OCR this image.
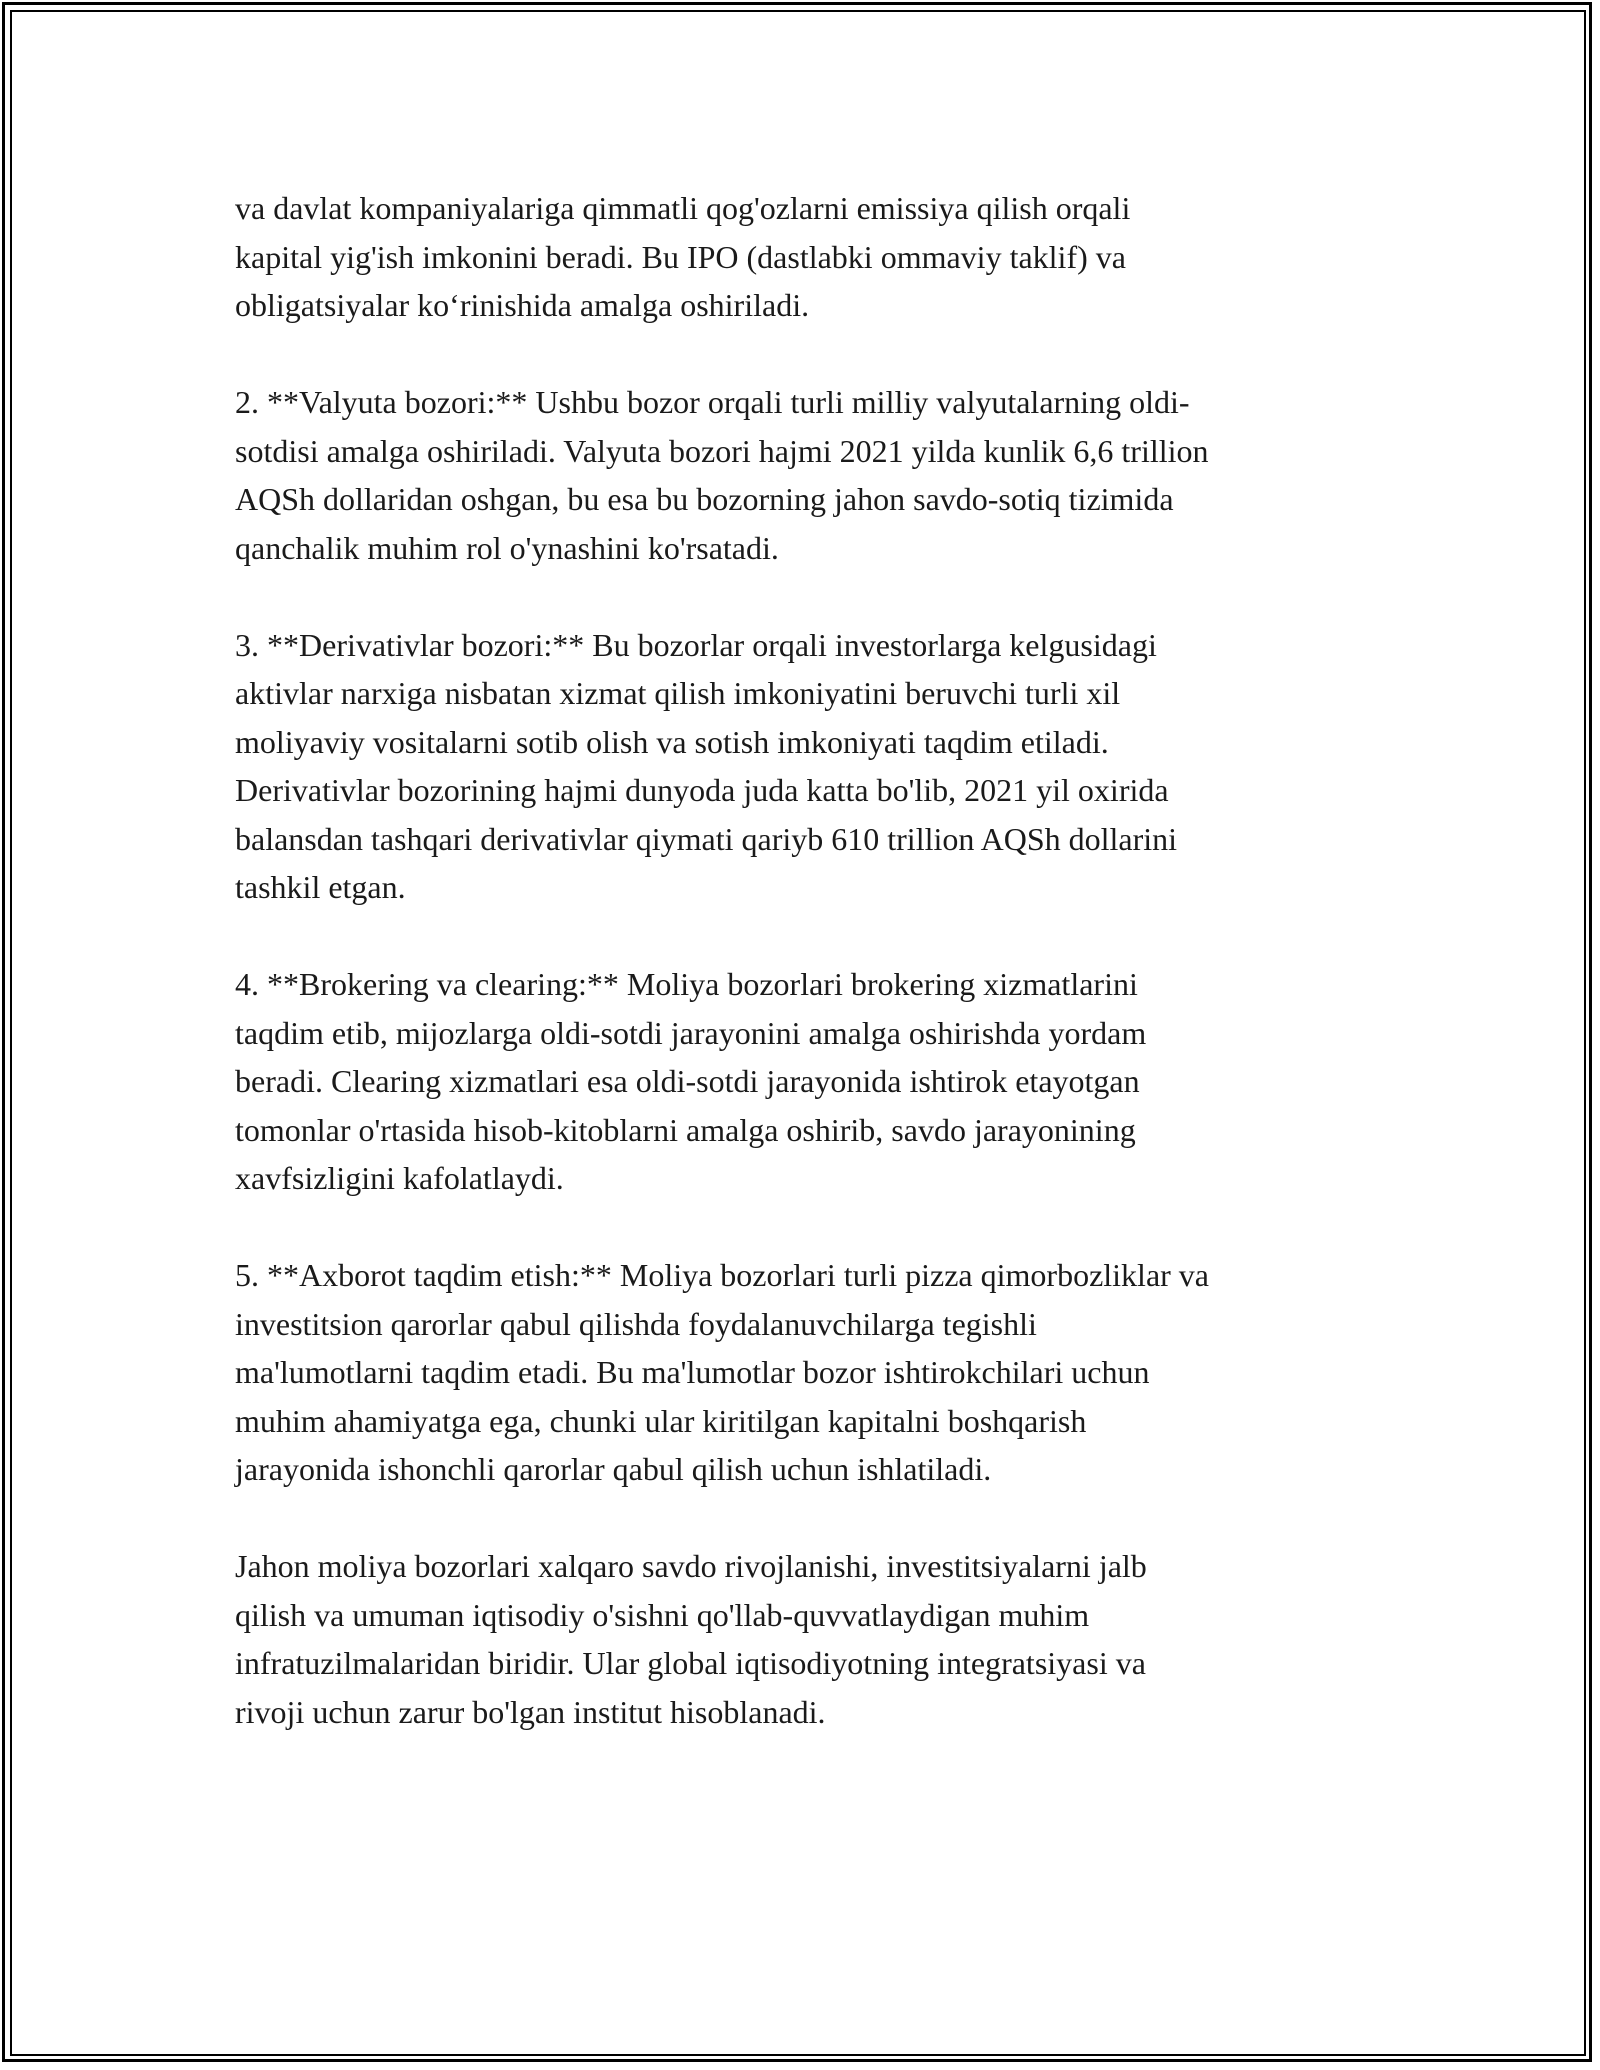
va davlat kompaniyalariga qimmatli qog'ozlarni emissiya qilish orqali
kapital yig'ish imkonini beradi. Bu IPO (dastlabki ommaviy taklif) va
obligatsiyalar ko‘rinishida amalga oshiriladi.

2. **Valyuta bozori:** Ushbu bozor orqali turli milliy valyutalarning oldi-
sotdisi amalga oshiriladi. Valyuta bozori hajmi 2021 yilda kunlik 6,6 trillion
AQSh dollaridan oshgan, bu esa bu bozorning jahon savdo-sotiq tizimida
qanchalik muhim rol o'ynashini ko'rsatadi.

3. **Derivativlar bozori:** Bu bozorlar orqali investorlarga kelgusidagi
aktivlar narxiga nisbatan xizmat qilish imkoniyatini beruvchi turli xil
moliyaviy vositalarni sotib olish va sotish imkoniyati taqdim etiladi.
Derivativlar bozorining hajmi dunyoda juda katta bo'lib, 2021 yil oxirida
balansdan tashqari derivativlar qiymati qariyb 610 trillion AQSh dollarini
tashkil etgan.

4. **Brokering va clearing:** Moliya bozorlari brokering xizmatlarini
taqdim etib, mijozlarga oldi-sotdi jarayonini amalga oshirishda yordam
beradi. Clearing xizmatlari esa oldi-sotdi jarayonida ishtirok etayotgan
tomonlar o'rtasida hisob-kitoblarni amalga oshirib, savdo jarayonining
xavfsizligini kafolatlaydi.

5. **Axborot taqdim etish:** Moliya bozorlari turli pizza qimorbozliklar va
investitsion qarorlar qabul qilishda foydalanuvchilarga tegishli
ma'lumotlarni taqdim etadi. Bu ma'lumotlar bozor ishtirokchilari uchun
muhim ahamiyatga ega, chunki ular kiritilgan kapitalni boshqarish
jarayonida ishonchli qarorlar qabul qilish uchun ishlatiladi.

Jahon moliya bozorlari xalqaro savdo rivojlanishi, investitsiyalarni jalb
qilish va umuman iqtisodiy o'sishni qo'llab-quvvatlaydigan muhim
infratuzilmalaridan biridir. Ular global iqtisodiyotning integratsiyasi va
rivoji uchun zarur bo'lgan institut hisoblanadi.
